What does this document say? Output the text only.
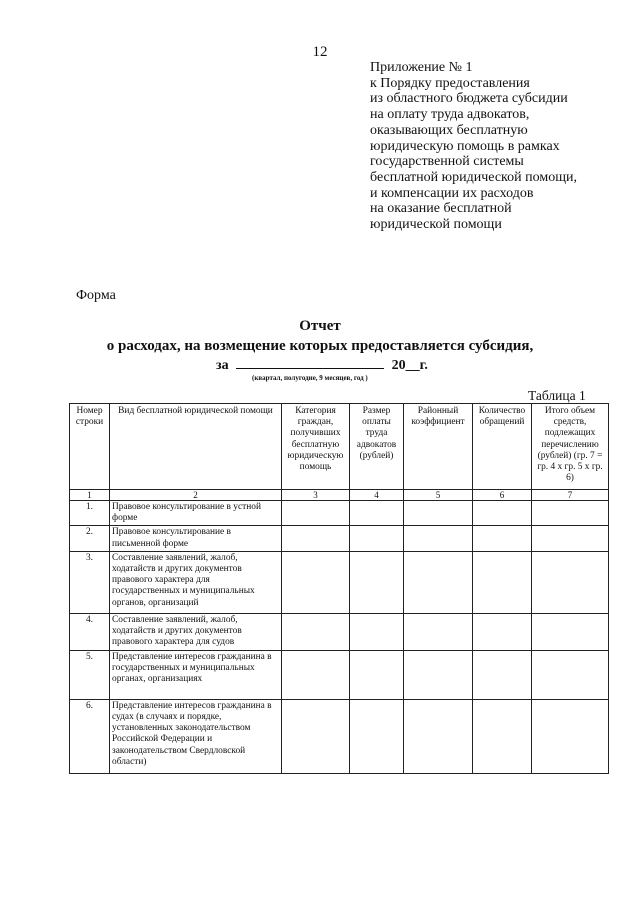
12
Приложение № 1
к Порядку предоставления
из областного бюджета субсидии
на оплату труда адвокатов,
оказывающих бесплатную
юридическую помощь в рамках
государственной системы
бесплатной юридической помощи,
и компенсации их расходов
на оказание бесплатной
юридической помощи
Форма
Отчет
о расходах, на возмещение которых предоставляется субсидия,
за	20__г.
(квартал, полугодие, 9 месяцев, год )
Таблица 1
Номер строки	Вид бесплатной юридической помощи	Категория граждан, получивших бесплатную юридическую помощь	Размер оплаты труда адвокатов (рублей)	Районный коэффициент	Количество обращений	Итого объем средств, подлежащих перечислению (рублей) (гр. 7 = гр. 4 x гр. 5 x гр. 6)
1	2	3	4	5	6	7
1.	Правовое консультирование в устной форме					
2.	Правовое консультирование в письменной форме					
3.	Составление заявлений, жалоб, ходатайств и других документов правового характера для государственных и муниципальных органов, организаций					
4.	Составление заявлений, жалоб, ходатайств и других документов правового характера для судов					
5.	Представление интересов гражданина в государственных и муниципальных органах, организациях					
6.	Представление интересов гражданина в судах (в случаях и порядке, установленных законодательством Российской Федерации и законодательством Свердловской области)					
